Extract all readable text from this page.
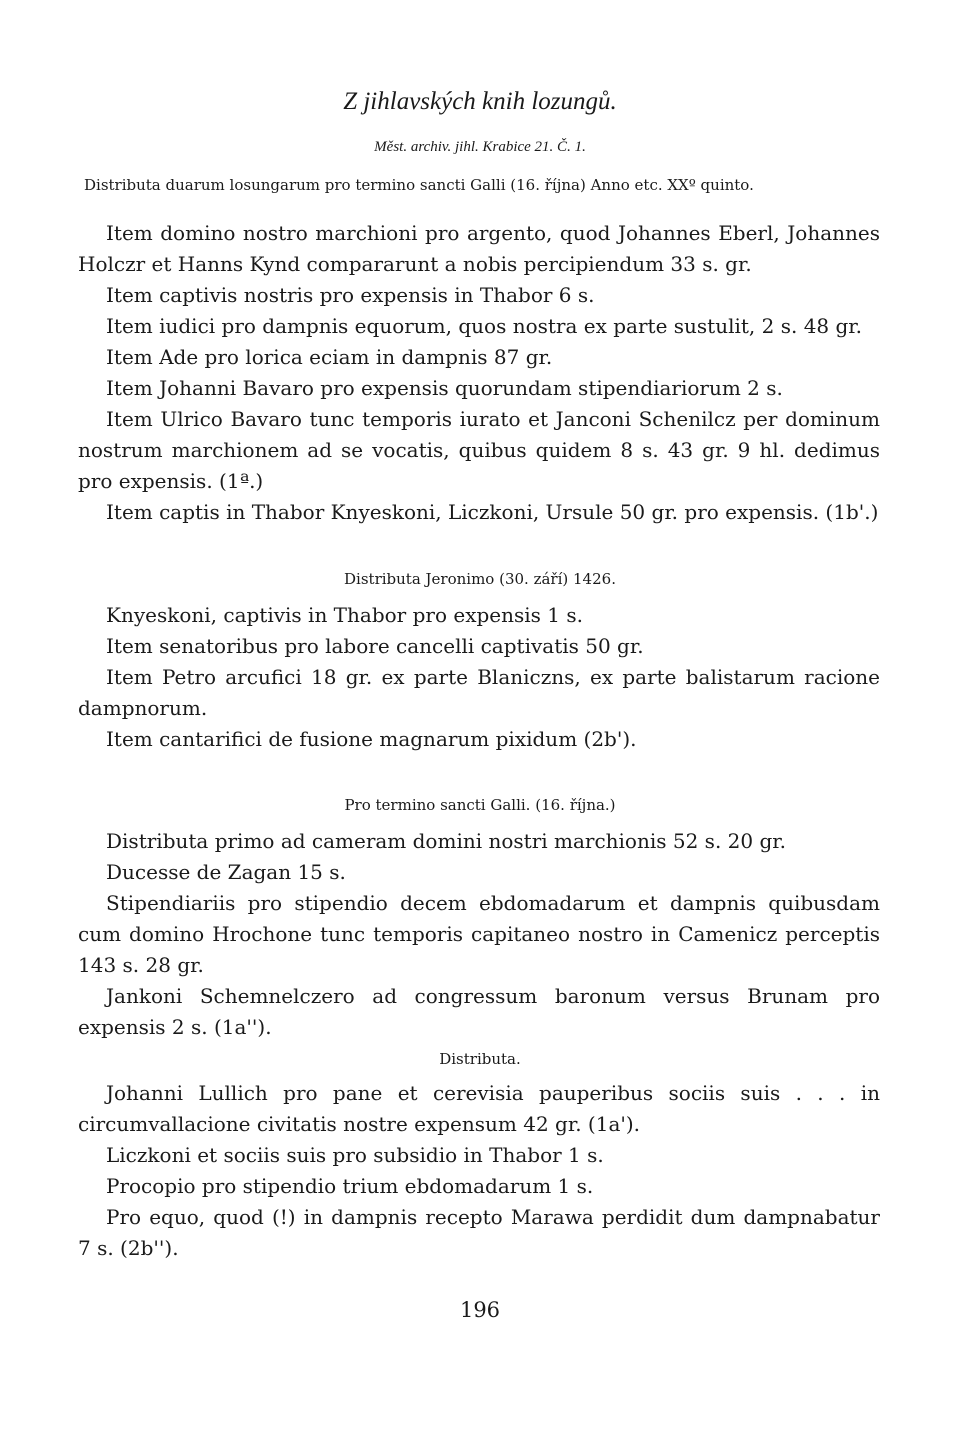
Z jihlavských knih lozungů.
Měst. archiv. jihl. Krabice 21. Č. 1.
Distributa duarum losungarum pro termino sancti Galli (16. října) Anno etc. XXº quinto.
Item domino nostro marchioni pro argento, quod Johannes Eberl, Johannes Holczr et Hanns Kynd compararunt a nobis percipiendum 33 s. gr.
Item captivis nostris pro expensis in Thabor 6 s.
Item iudici pro dampnis equorum, quos nostra ex parte sustulit, 2 s. 48 gr.
Item Ade pro lorica eciam in dampnis 87 gr.
Item Johanni Bavaro pro expensis quorundam stipendiariorum 2 s.
Item Ulrico Bavaro tunc temporis iurato et Janconi Schenilcz per dominum nostrum marchionem ad se vocatis, quibus quidem 8 s. 43 gr. 9 hl. dedimus pro expensis. (1ª.)
Item captis in Thabor Knyeskoni, Liczkoni, Ursule 50 gr. pro expensis. (1b'.)
Distributa Jeronimo (30. září) 1426.
Knyeskoni, captivis in Thabor pro expensis 1 s.
Item senatoribus pro labore cancelli captivatis 50 gr.
Item Petro arcufici 18 gr. ex parte Blaniczns, ex parte balistarum racione dampnorum.
Item cantarifici de fusione magnarum pixidum (2b').
Pro termino sancti Galli. (16. října.)
Distributa primo ad cameram domini nostri marchionis 52 s. 20 gr.
Ducesse de Zagan 15 s.
Stipendiariis pro stipendio decem ebdomadarum et dampnis quibusdam cum domino Hrochone tunc temporis capitaneo nostro in Camenicz perceptis 143 s. 28 gr.
Jankoni Schemnelczero ad congressum baronum versus Brunam pro expensis 2 s. (1a'').
Distributa.
Johanni Lullich pro pane et cerevisia pauperibus sociis suis . . . in circumvallacione civitatis nostre expensum 42 gr. (1a').
Liczkoni et sociis suis pro subsidio in Thabor 1 s.
Procopio pro stipendio trium ebdomadarum 1 s.
Pro equo, quod (!) in dampnis recepto Marawa perdidit dum dampnabatur 7 s. (2b'').
196
